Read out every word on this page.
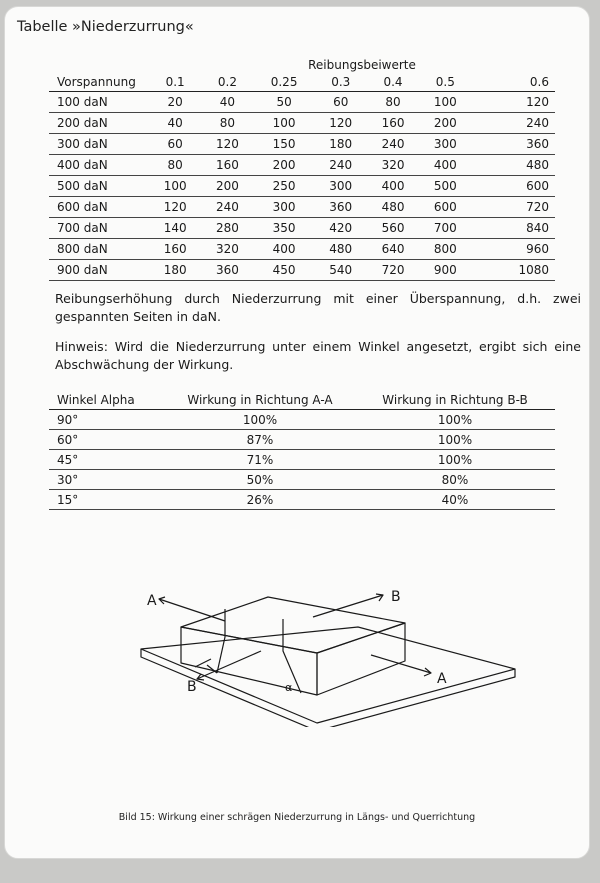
Tabelle »Niederzurrung«
Reibungsbeiwerte							
Vorspannung	0.1	0.2	0.25	0.3	0.4	0.5	0.6
100 daN	20	40	50	60	80	100	120
200 daN	40	80	100	120	160	200	240
300 daN	60	120	150	180	240	300	360
400 daN	80	160	200	240	320	400	480
500 daN	100	200	250	300	400	500	600
600 daN	120	240	300	360	480	600	720
700 daN	140	280	350	420	560	700	840
800 daN	160	320	400	480	640	800	960
900 daN	180	360	450	540	720	900	1080
Reibungserhöhung durch Niederzurrung mit einer Überspannung, d.h. zwei gespannten Seiten in daN.
Hinweis: Wird die Niederzurrung unter einem Winkel angesetzt, ergibt sich eine Abschwächung der Wirkung.
Winkel Alpha	Wirkung in Richtung A-A	Wirkung in Richtung B-B
90°	100%	100%
60°	87%	100%
45°	71%	100%
30°	50%	80%
15°	26%	40%
A	B
A
B	α
Bild 15: Wirkung einer schrägen Niederzurrung in Längs- und Querrichtung
